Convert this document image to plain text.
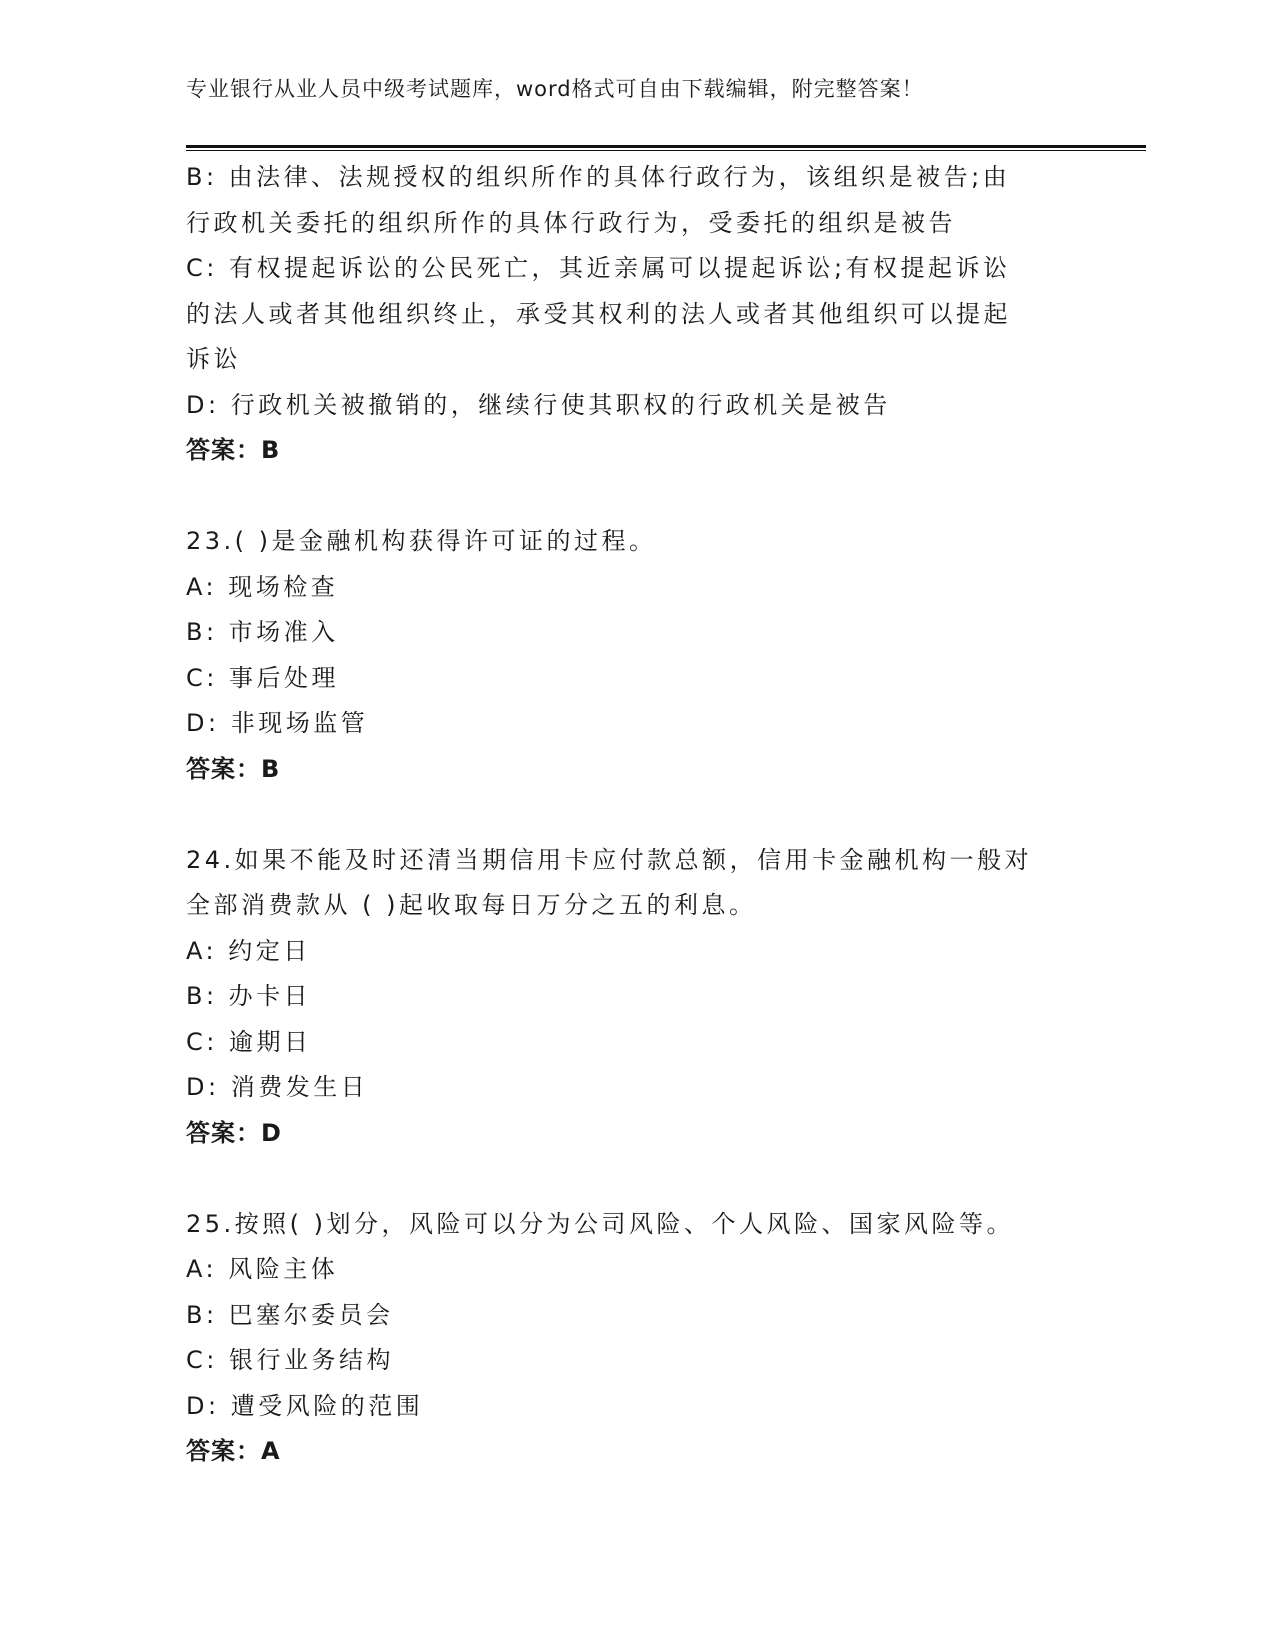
专业银行从业人员中级考试题库，word格式可自由下载编辑，附完整答案！
B: 由法律、法规授权的组织所作的具体行政行为，该组织是被告;由
行政机关委托的组织所作的具体行政行为，受委托的组织是被告
C: 有权提起诉讼的公民死亡，其近亲属可以提起诉讼;有权提起诉讼
的法人或者其他组织终止，承受其权利的法人或者其他组织可以提起
诉讼
D: 行政机关被撤销的，继续行使其职权的行政机关是被告
答案：B
23.( )是金融机构获得许可证的过程。
A: 现场检查
B: 市场准入
C: 事后处理
D: 非现场监管
答案：B
24.如果不能及时还清当期信用卡应付款总额，信用卡金融机构一般对
全部消费款从 ( )起收取每日万分之五的利息。
A: 约定日
B: 办卡日
C: 逾期日
D: 消费发生日
答案：D
25.按照( )划分，风险可以分为公司风险、个人风险、国家风险等。
A: 风险主体
B: 巴塞尔委员会
C: 银行业务结构
D: 遭受风险的范围
答案：A
